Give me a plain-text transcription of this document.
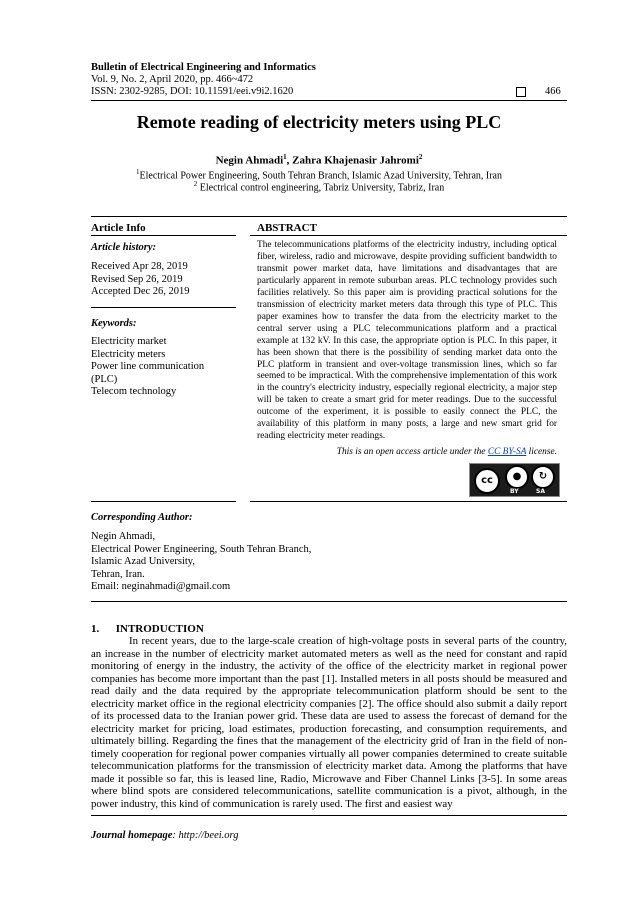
Bulletin of Electrical Engineering and Informatics
Vol. 9, No. 2, April 2020, pp. 466~472
ISSN: 2302-9285, DOI: 10.11591/eei.v9i2.1620	466
Remote reading of electricity meters using PLC
Negin Ahmadi$^1$, Zahra Khajenasir Jahromi$^2$
$^1$Electrical Power Engineering, South Tehran Branch, Islamic Azad University, Tehran, Iran
$^2$ Electrical control engineering, Tabriz University, Tabriz, Iran
Article Info	ABSTRACT
Article history:
Received Apr 28, 2019
Revised Sep 26, 2019
Accepted Dec 26, 2019
Keywords:
Electricity market
Electricity meters
Power line communication
(PLC)
Telecom technology
The telecommunications platforms of the electricity industry, including optical fiber, wireless, radio and microwave, despite providing sufficient bandwidth to transmit power market data, have limitations and disadvantages that are particularly apparent in remote suburban areas. PLC technology provides such facilities relatively. So this paper aim is providing practical solutions for the transmission of electricity market meters data through this type of PLC. This paper examines how to transfer the data from the electricity market to the central server using a PLC telecommunications platform and a practical example at 132 kV. In this case, the appropriate option is PLC. In this paper, it has been shown that there is the possibility of sending market data onto the PLC platform in transient and over-voltage transmission lines, which so far seemed to be impractical. With the comprehensive implementation of this work in the country's electricity industry, especially regional electricity, a major step will be taken to create a smart grid for meter readings. Due to the successful outcome of the experiment, it is possible to easily connect the PLC, the availability of this platform in many posts, a large and new smart grid for reading electricity meter readings.
This is an open access article under the CC BY-SA license.
cc	●	↻
BY	SA
Corresponding Author:
Negin Ahmadi,
Electrical Power Engineering, South Tehran Branch,
Islamic Azad University,
Tehran, Iran.
Email: neginahmadi@gmail.com
1.      INTRODUCTION

In recent years, due to the large-scale creation of high-voltage posts in several parts of the country, an increase in the number of electricity market automated meters as well as the need for constant and rapid monitoring of energy in the industry, the activity of the office of the electricity market in regional power companies has become more important than the past [1]. Installed meters in all posts should be measured and read daily and the data required by the appropriate telecommunication platform should be sent to the electricity market office in the regional electricity companies [2]. The office should also submit a daily report of its processed data to the Iranian power grid. These data are used to assess the forecast of demand for the electricity market for pricing, load estimates, production forecasting, and consumption requirements, and ultimately billing. Regarding the fines that the management of the electricity grid of Iran in the field of non-timely cooperation for regional power companies virtually all power companies determined to create suitable telecommunication platforms for the transmission of electricity market data. Among the platforms that have made it possible so far, this is leased line, Radio, Microwave and Fiber Channel Links [3-5]. In some areas where blind spots are considered telecommunications, satellite communication is a pivot, although, in the power industry, this kind of communication is rarely used. The first and easiest way

Journal homepage: http://beei.org
